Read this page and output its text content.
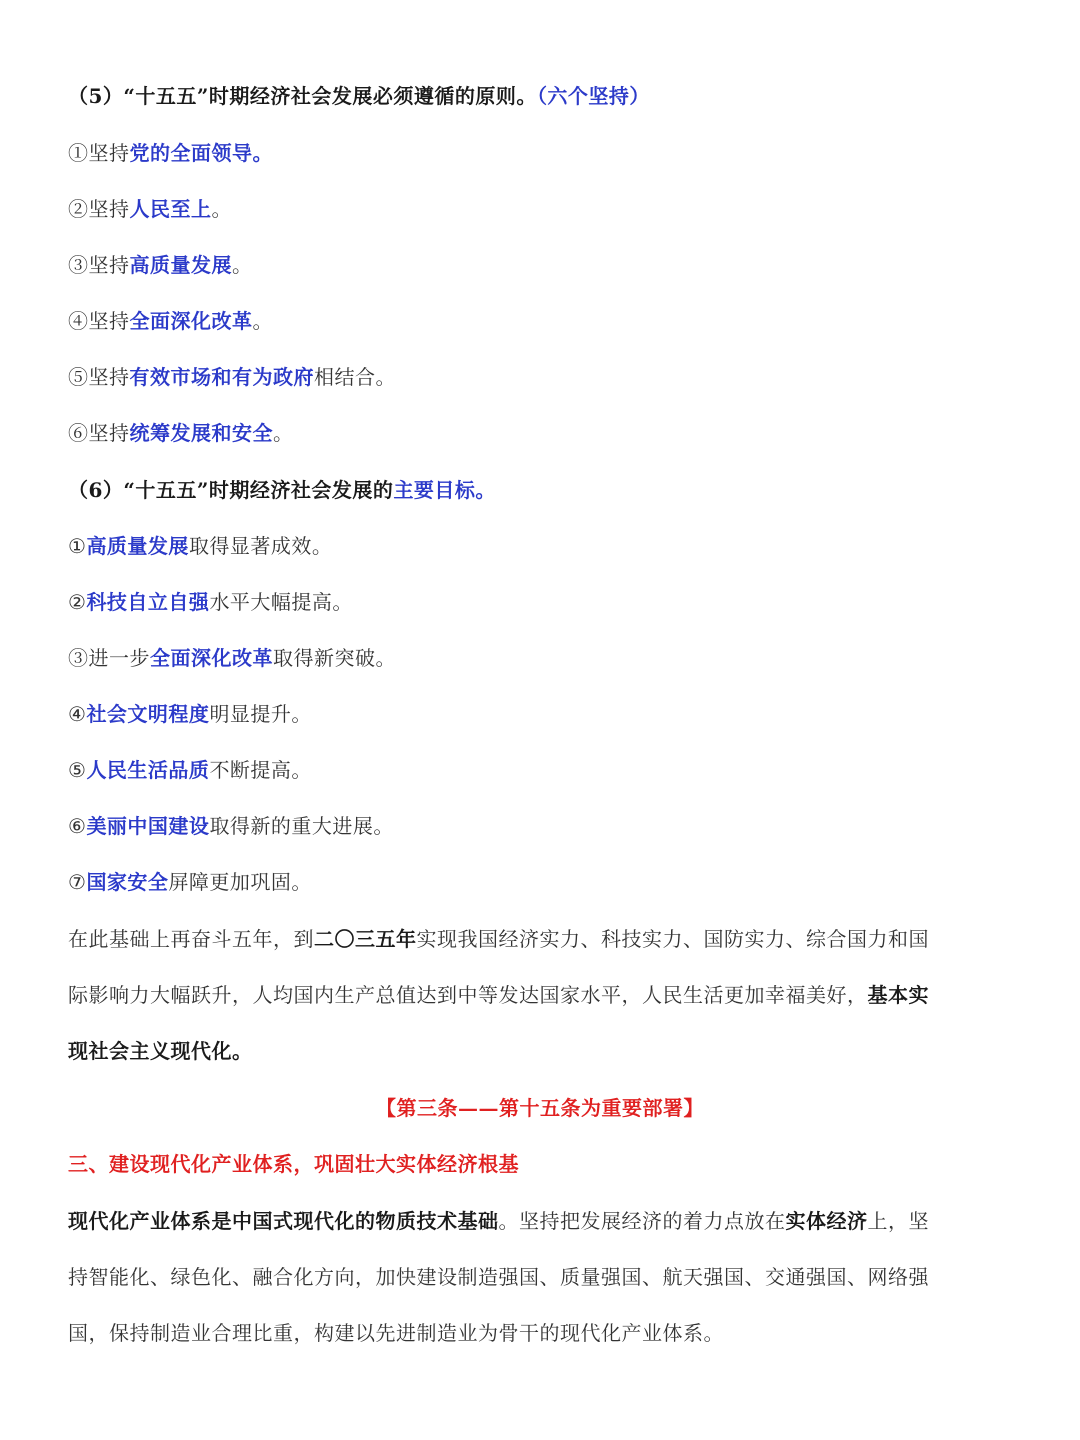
（5）“十五五”时期经济社会发展必须遵循的原则。（六个坚持）
①坚持党的全面领导。
②坚持人民至上。
③坚持高质量发展。
④坚持全面深化改革。
⑤坚持有效市场和有为政府相结合。
⑥坚持统筹发展和安全。
（6）“十五五”时期经济社会发展的主要目标。
①高质量发展取得显著成效。
②科技自立自强水平大幅提高。
③进一步全面深化改革取得新突破。
④社会文明程度明显提升。
⑤人民生活品质不断提高。
⑥美丽中国建设取得新的重大进展。
⑦国家安全屏障更加巩固。
在此基础上再奋斗五年，到二〇三五年实现我国经济实力、科技实力、国防实力、综合国力和国
际影响力大幅跃升，人均国内生产总值达到中等发达国家水平，人民生活更加幸福美好，基本实
现社会主义现代化。
【第三条——第十五条为重要部署】
三、建设现代化产业体系，巩固壮大实体经济根基
现代化产业体系是中国式现代化的物质技术基础。坚持把发展经济的着力点放在实体经济上，坚
持智能化、绿色化、融合化方向，加快建设制造强国、质量强国、航天强国、交通强国、网络强
国，保持制造业合理比重，构建以先进制造业为骨干的现代化产业体系。
